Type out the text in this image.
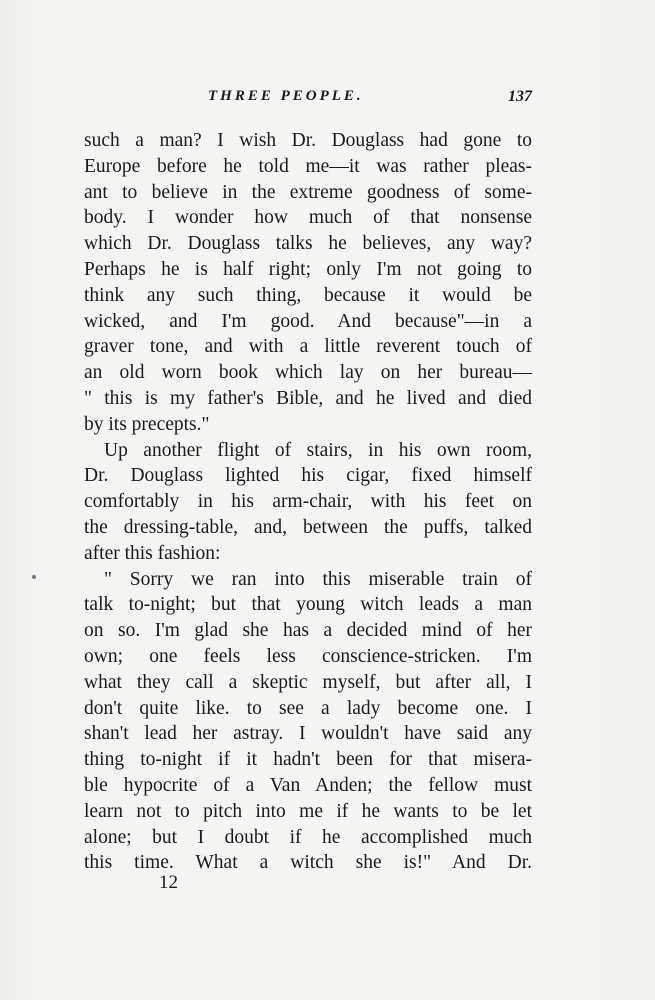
THREE PEOPLE.	137
such a man? I wish Dr. Douglass had gone to
Europe before he told me—it was rather pleas-
ant to believe in the extreme goodness of some-
body. I wonder how much of that nonsense
which Dr. Douglass talks he believes, any way?
Perhaps he is half right; only I'm not going to
think any such thing, because it would be
wicked, and I'm good. And because"—in a
graver tone, and with a little reverent touch of
an old worn book which lay on her bureau—
" this is my father's Bible, and he lived and died
by its precepts."
Up another flight of stairs, in his own room,
Dr. Douglass lighted his cigar, fixed himself
comfortably in his arm-chair, with his feet on
the dressing-table, and, between the puffs, talked
after this fashion:
" Sorry we ran into this miserable train of
talk to-night; but that young witch leads a man
on so. I'm glad she has a decided mind of her
own; one feels less conscience-stricken. I'm
what they call a skeptic myself, but after all, I
don't quite like. to see a lady become one. I
shan't lead her astray. I wouldn't have said any
thing to-night if it hadn't been for that misera-
ble hypocrite of a Van Anden; the fellow must
learn not to pitch into me if he wants to be let
alone; but I doubt if he accomplished much
this time. What a witch she is!" And Dr.
12
